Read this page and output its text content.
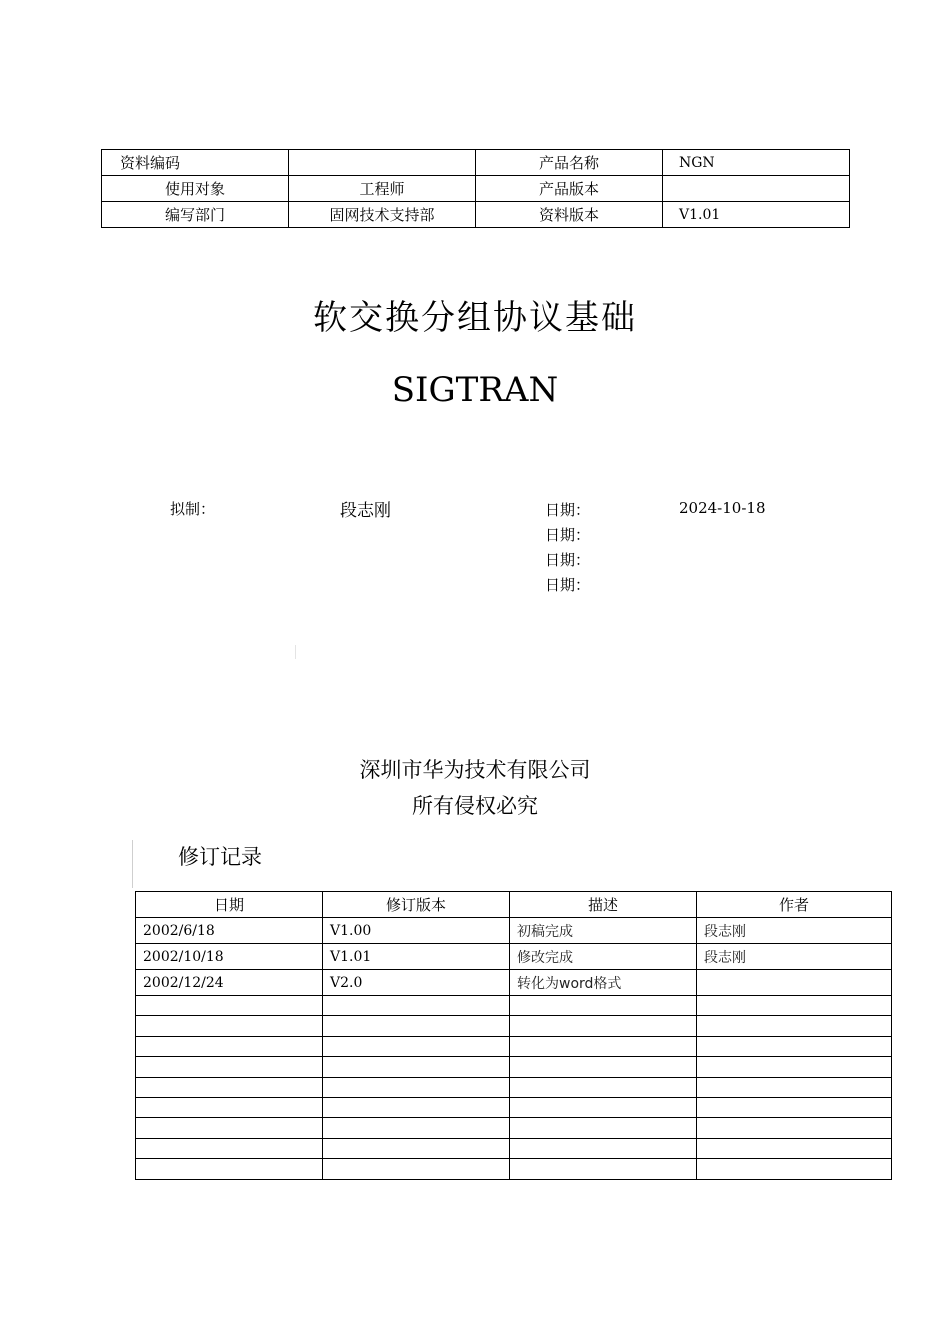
资料编码		产品名称	NGN
使用对象	工程师	产品版本	
编写部门	固网技术支持部	资料版本	V1.01
软交换分组协议基础
SIGTRAN
拟制：	段志刚	日期：	2024-10-18
日期：
日期：
日期：
深圳市华为技术有限公司
所有侵权必究
修订记录
日期	修订版本	描述	作者
2002/6/18	V1.00	初稿完成	段志刚
2002/10/18	V1.01	修改完成	段志刚
2002/12/24	V2.0	转化为word格式	
